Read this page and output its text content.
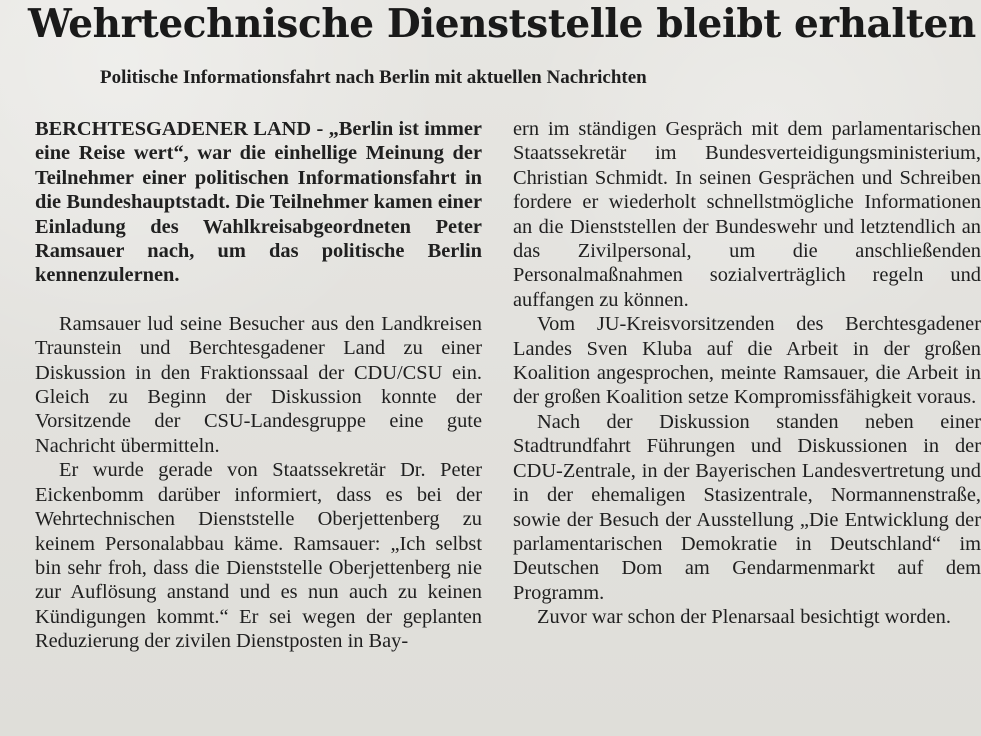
Wehrtechnische Dienststelle bleibt erhalten
Politische Informationsfahrt nach Berlin mit aktuellen Nachrichten

BERCHTESGADENER LAND - „Berlin ist immer eine Reise wert“, war die einhellige Meinung der Teilnehmer einer politischen Informationsfahrt in die Bundeshauptstadt. Die Teilnehmer kamen einer Einladung des Wahlkreisabgeordneten Peter Ramsauer nach, um das politische Berlin kennenzulernen.

Ramsauer lud seine Besucher aus den Landkreisen Traunstein und Berchtesgadener Land zu einer Diskussion in den Fraktionssaal der CDU/CSU ein. Gleich zu Beginn der Diskussion konnte der Vorsitzende der CSU-Landesgruppe eine gute Nachricht übermitteln.

Er wurde gerade von Staatssekretär Dr. Peter Eickenbomm darüber informiert, dass es bei der Wehrtechnischen Dienststelle Oberjettenberg zu keinem Personalabbau käme. Ramsauer: „Ich selbst bin sehr froh, dass die Dienststelle Oberjettenberg nie zur Auflösung anstand und es nun auch zu keinen Kündigungen kommt.“ Er sei wegen der geplanten Reduzierung der zivilen Dienstposten in Bay-

ern im ständigen Gespräch mit dem parlamentarischen Staatssekretär im Bundesverteidigungsministerium, Christian Schmidt. In seinen Gesprächen und Schreiben fordere er wiederholt schnellstmögliche Informationen an die Dienststellen der Bundeswehr und letztendlich an das Zivilpersonal, um die anschließenden Personalmaßnahmen sozialverträglich regeln und auffangen zu können.

Vom JU-Kreisvorsitzenden des Berchtesgadener Landes Sven Kluba auf die Arbeit in der großen Koalition angesprochen, meinte Ramsauer, die Arbeit in der großen Koalition setze Kompromissfähigkeit voraus.

Nach der Diskussion standen neben einer Stadtrundfahrt Führungen und Diskussionen in der CDU-Zentrale, in der Bayerischen Landesvertretung und in der ehemaligen Stasizentrale, Normannenstraße, sowie der Besuch der Ausstellung „Die Entwicklung der parlamentarischen Demokratie in Deutschland“ im Deutschen Dom am Gendarmenmarkt auf dem Programm.

Zuvor war schon der Plenarsaal besichtigt worden.
